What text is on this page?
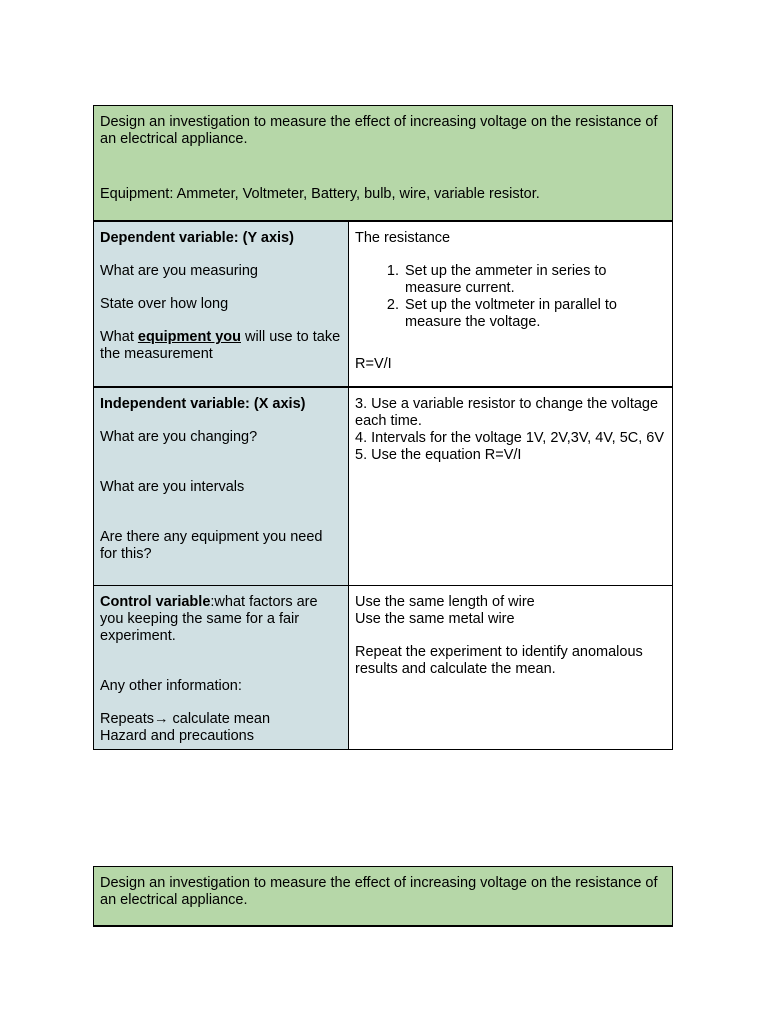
Design an investigation to measure the effect of increasing voltage on the resistance of an electrical appliance.

Equipment: Ammeter, Voltmeter, Battery, bulb, wire, variable resistor.

Dependent variable: (Y axis)

What are you measuring

State over how long

What equipment you will use to take the measurement

The resistance

1. Set up the ammeter in series to measure current.
2. Set up the voltmeter in parallel to measure the voltage.

R=V/I

Independent variable: (X axis)

What are you changing?

What are you intervals

Are there any equipment you need for this?

3. Use a variable resistor to change the voltage each time.

4. Intervals for the voltage 1V, 2V,3V, 4V, 5C, 6V

5. Use the equation R=V/I

Control variable:what factors are you keeping the same for a fair experiment.

Any other information:

Repeats→ calculate mean

Hazard and precautions

Use the same length of wire

Use the same metal wire

Repeat the experiment to identify anomalous results and calculate the mean.

Design an investigation to measure the effect of increasing voltage on the resistance of an electrical appliance.
